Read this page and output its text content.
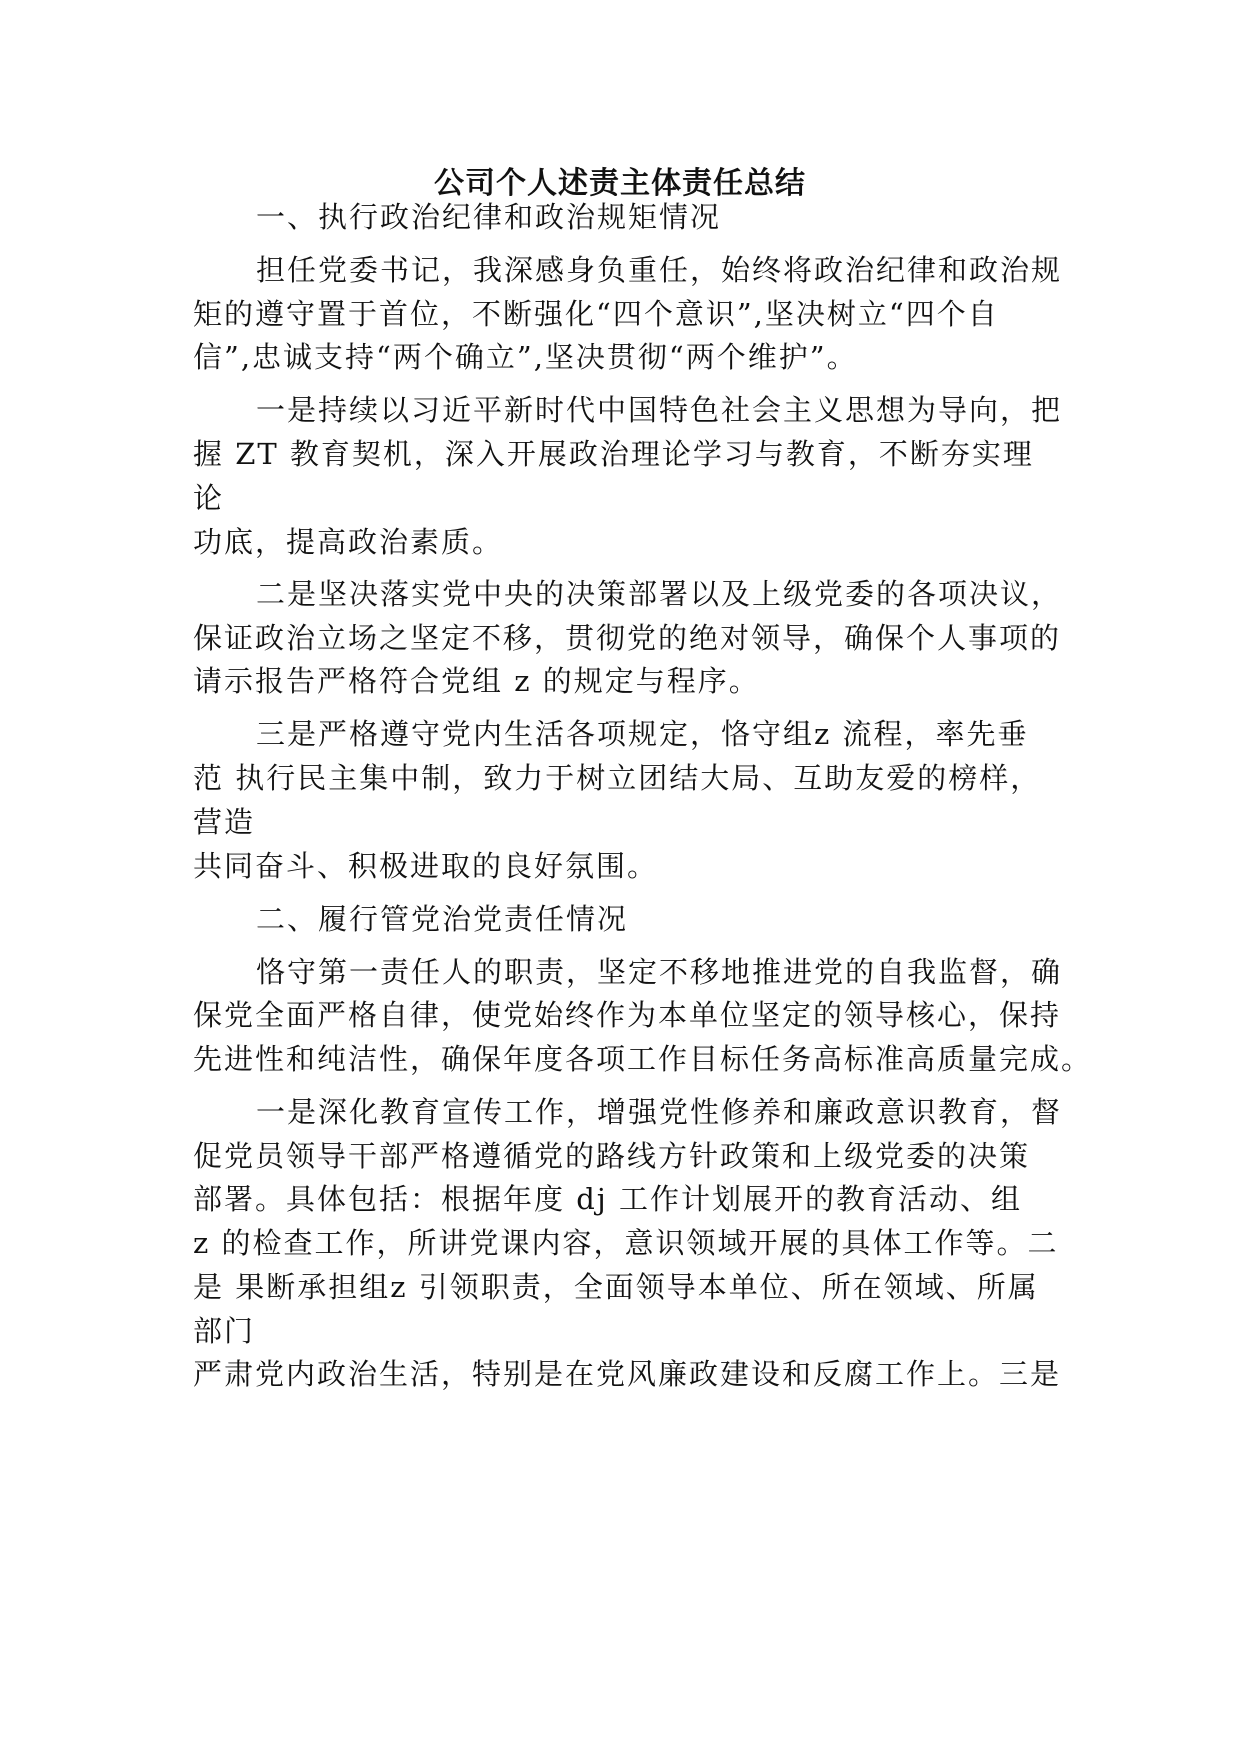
公司个人述责主体责任总结
一、执行政治纪律和政治规矩情况
担任党委书记，我深感身负重任，始终将政治纪律和政治规
矩的遵守置于首位，不断强化“四个意识”,坚决树立“四个自
信”,忠诚支持“两个确立”,坚决贯彻“两个维护”。
一是持续以习近平新时代中国特色社会主义思想为导向，把
握 ZT 教育契机，深入开展政治理论学习与教育，不断夯实理
论
功底，提高政治素质。
二是坚决落实党中央的决策部署以及上级党委的各项决议，
保证政治立场之坚定不移，贯彻党的绝对领导，确保个人事项的
请示报告严格符合党组 z 的规定与程序。
三是严格遵守党内生活各项规定，恪守组z 流程，率先垂
范 执行民主集中制，致力于树立团结大局、互助友爱的榜样，
营造
共同奋斗、积极进取的良好氛围。
二、履行管党治党责任情况
恪守第一责任人的职责，坚定不移地推进党的自我监督，确
保党全面严格自律，使党始终作为本单位坚定的领导核心，保持
先进性和纯洁性，确保年度各项工作目标任务高标准高质量完成。
一是深化教育宣传工作，增强党性修养和廉政意识教育，督
促党员领导干部严格遵循党的路线方针政策和上级党委的决策
部署。具体包括：根据年度 dj 工作计划展开的教育活动、组
z 的检查工作，所讲党课内容，意识领域开展的具体工作等。二
是 果断承担组z 引领职责，全面领导本单位、所在领域、所属
部门
严肃党内政治生活，特别是在党风廉政建设和反腐工作上。三是
